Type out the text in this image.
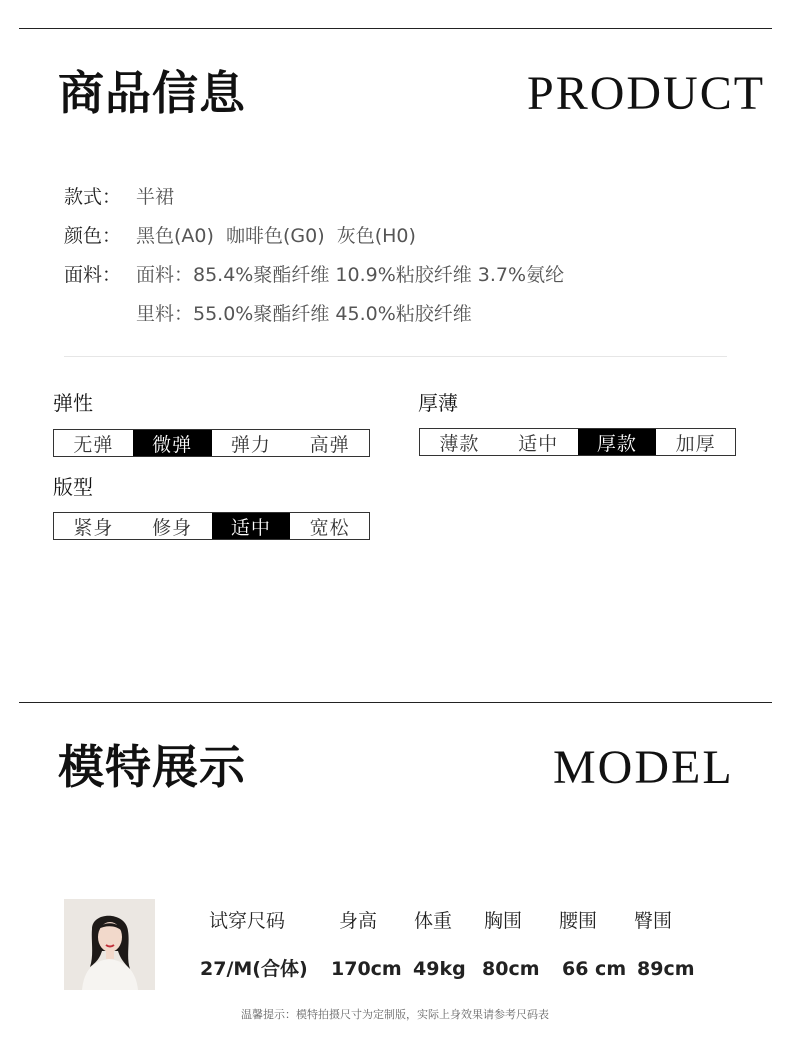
商品信息	PRODUCT
款式： 半裙
颜色： 黑色(A0)  咖啡色(G0)  灰色(H0)
面料： 面料：85.4%聚酯纤维 10.9%粘胶纤维 3.7%氨纶
里料：55.0%聚酯纤维 45.0%粘胶纤维
弹性
无弹	微弹	弹力	高弹
厚薄
薄款	适中	厚款	加厚
版型
紧身	修身	适中	宽松
模特展示	MODEL
试穿尺码	身高 体重 胸围 腰围 臀围
27/M(合体) 170cm 49kg 80cm 66 cm 89cm
温馨提示：模特拍摄尺寸为定制版，实际上身效果请参考尺码表
